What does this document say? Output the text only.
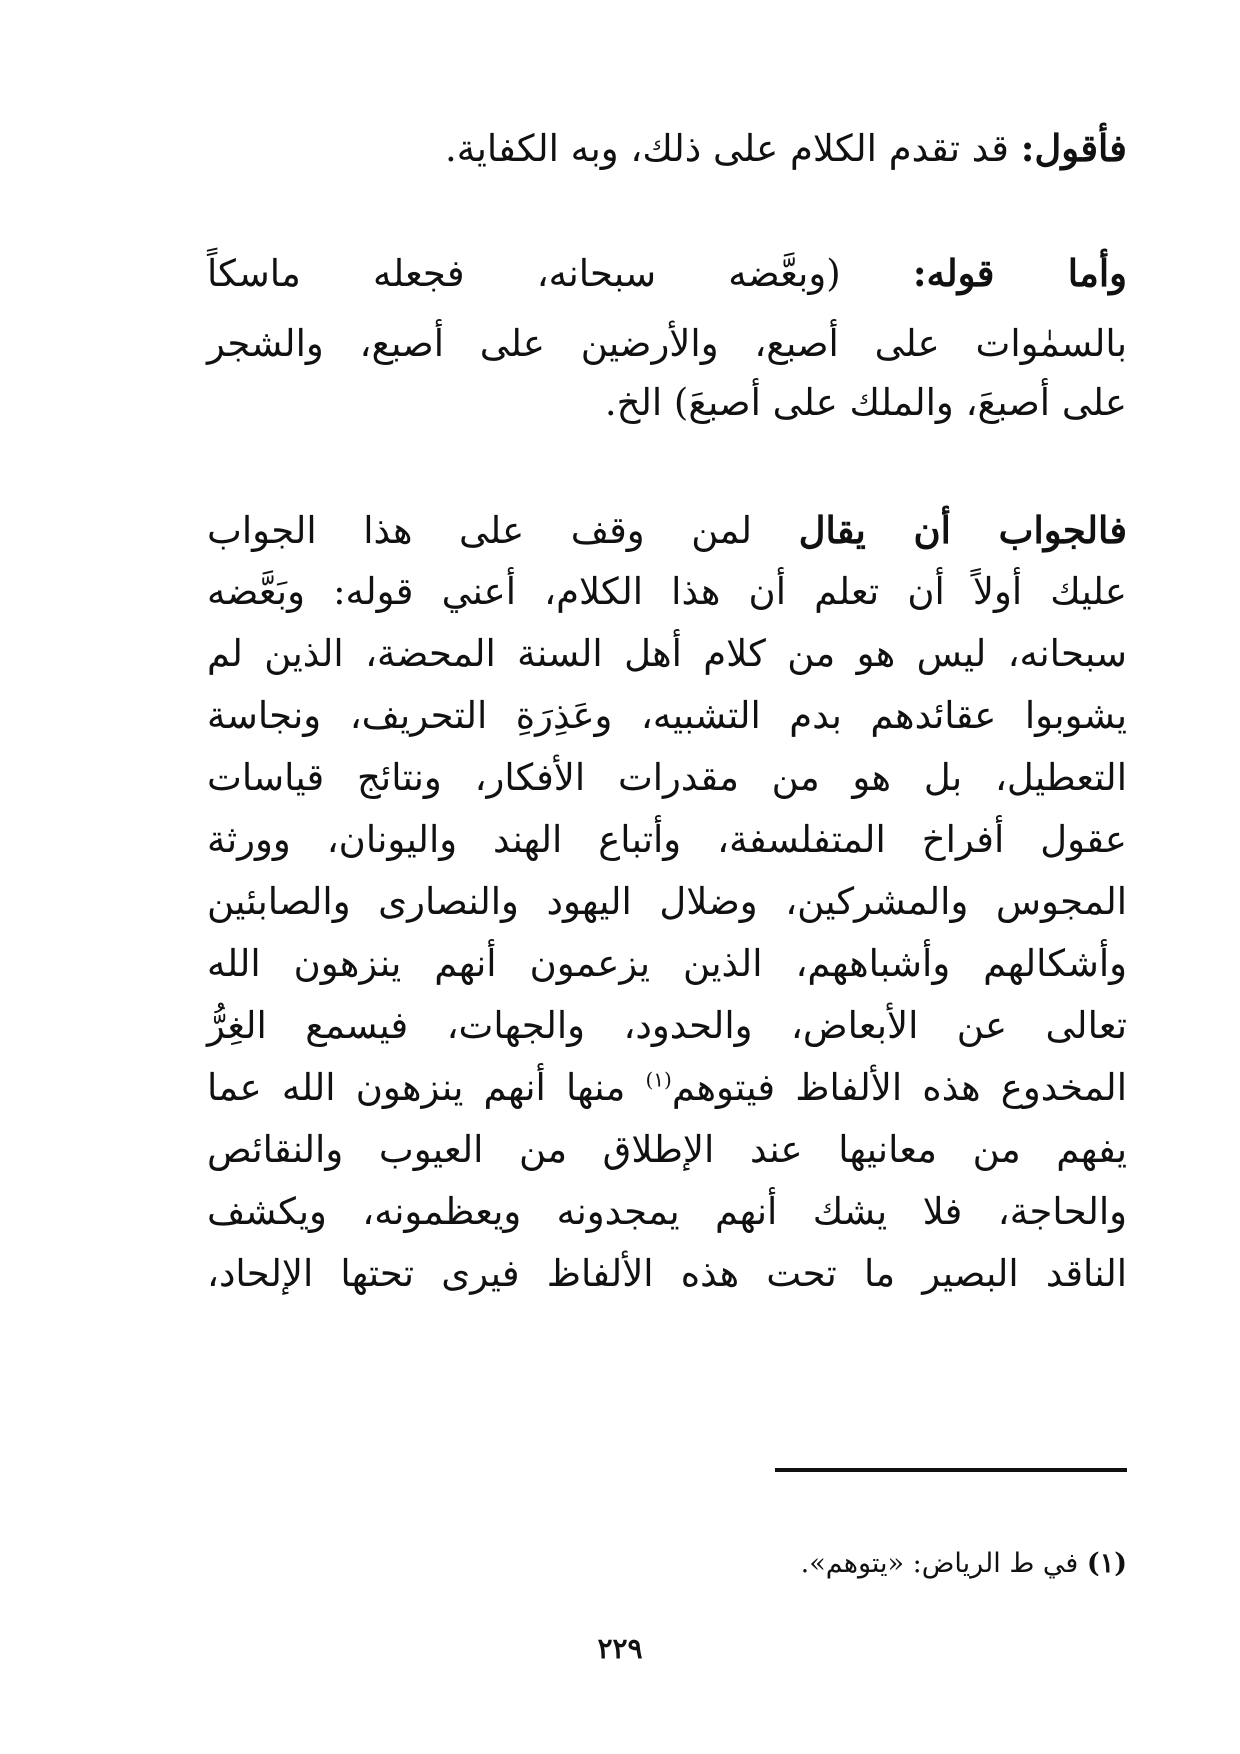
فأقول: قد تقدم الكلام على ذلك، وبه الكفاية.
وأما قوله: (وبعَّضه سبحانه، فجعله ماسكاً
بالسمٰوات على أصبع، والأرضين على أصبع، والشجر
على أصبعَ، والملك على أصبعَ) الخ.
فالجواب أن يقال لمن وقف على هذا الجواب
عليك أولاً أن تعلم أن هذا الكلام، أعني قوله: وبَعَّضه
سبحانه، ليس هو من كلام أهل السنة المحضة، الذين لم
يشوبوا عقائدهم بدم التشبيه، وعَذِرَةِ التحريف، ونجاسة
التعطيل، بل هو من مقدرات الأفكار، ونتائج قياسات
عقول أفراخ المتفلسفة، وأتباع الهند واليونان، وورثة
المجوس والمشركين، وضلال اليهود والنصارى والصابئين
وأشكالهم وأشباههم، الذين يزعمون أنهم ينزهون الله
تعالى عن الأبعاض، والحدود، والجهات، فيسمع الغِرُّ
المخدوع هذه الألفاظ فيتوهم$^{(١)}$ منها أنهم ينزهون الله عما
يفهم من معانيها عند الإطلاق من العيوب والنقائص
والحاجة، فلا يشك أنهم يمجدونه ويعظمونه، ويكشف
الناقد البصير ما تحت هذه الألفاظ فيرى تحتها الإلحاد،
(١) في ط الرياض: «يتوهم».
٢٢٩
